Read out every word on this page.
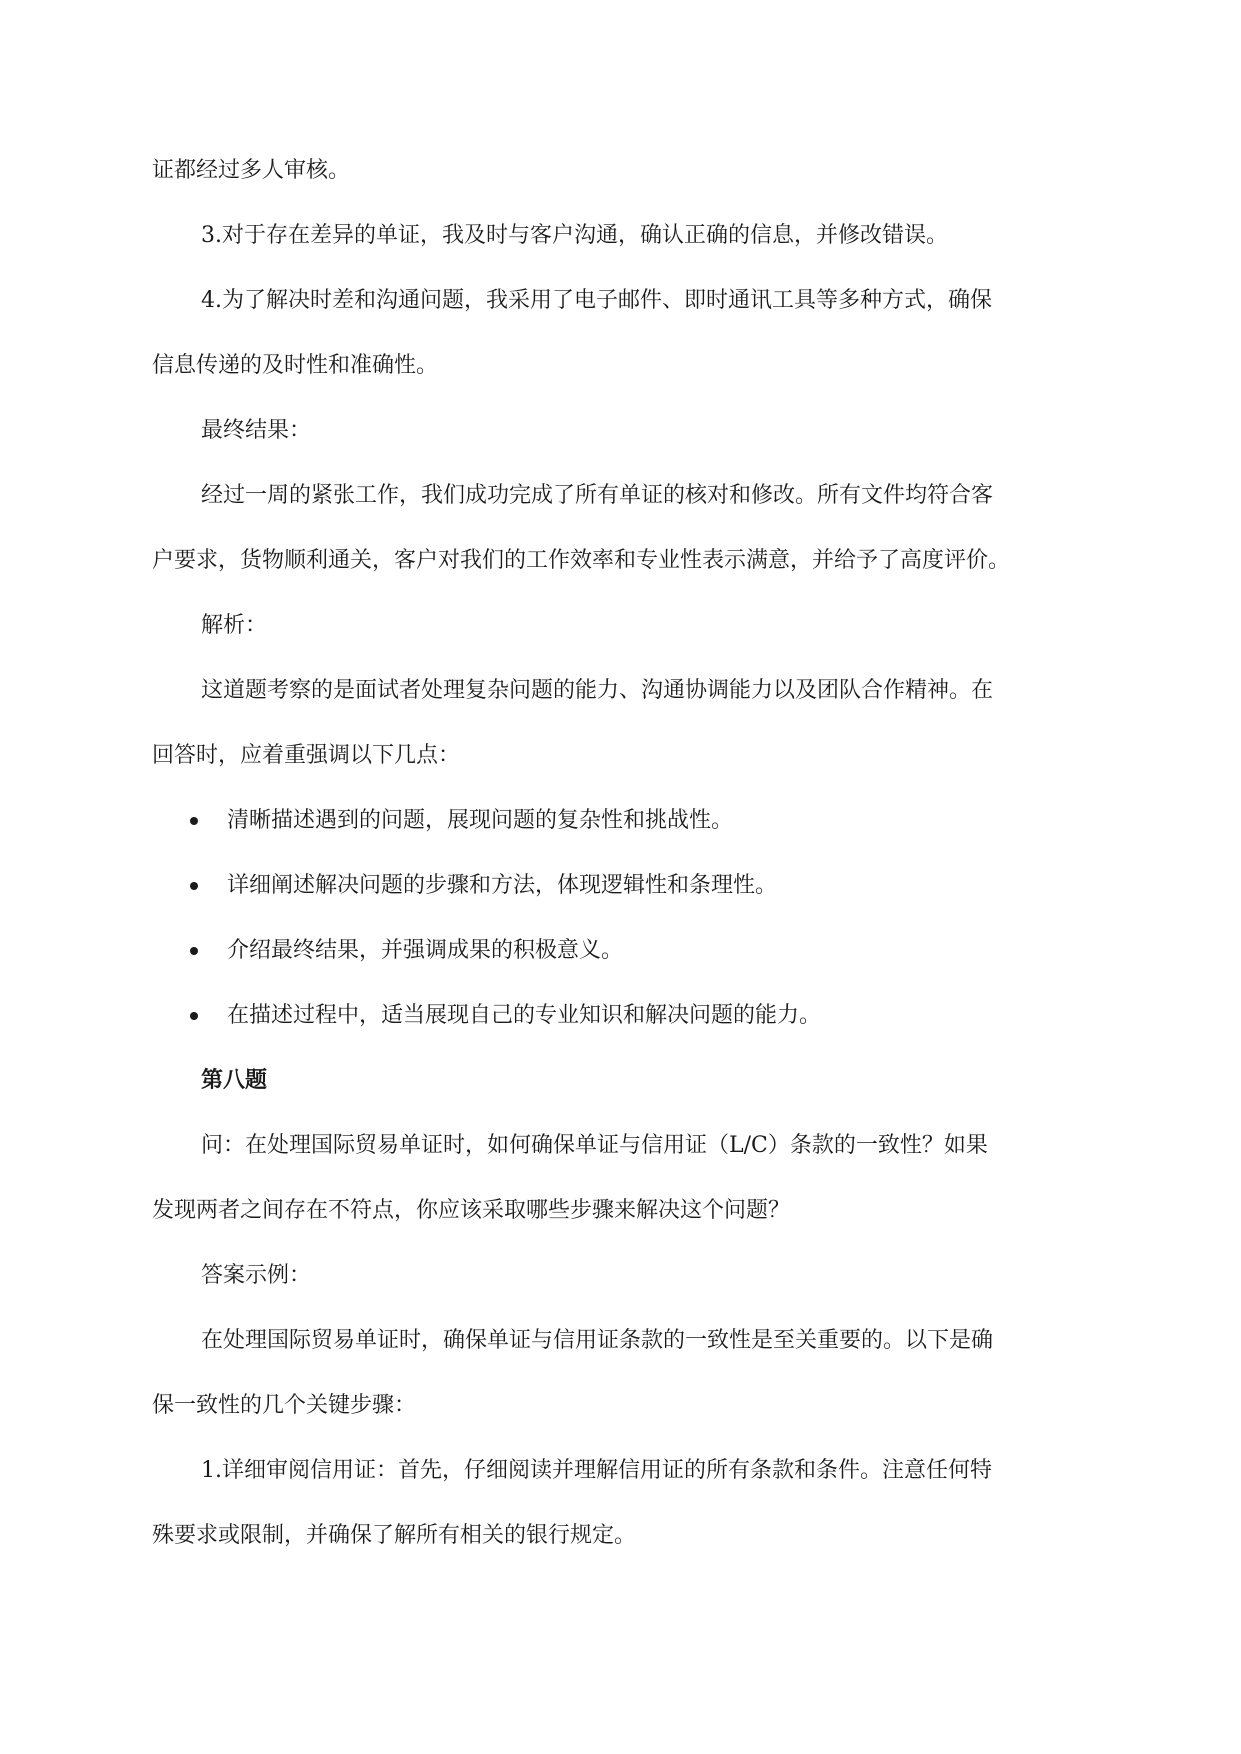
证都经过多人审核。
3.对于存在差异的单证，我及时与客户沟通，确认正确的信息，并修改错误。
4.为了解决时差和沟通问题，我采用了电子邮件、即时通讯工具等多种方式，确保
信息传递的及时性和准确性。
最终结果：
经过一周的紧张工作，我们成功完成了所有单证的核对和修改。所有文件均符合客
户要求，货物顺利通关，客户对我们的工作效率和专业性表示满意，并给予了高度评价。
解析：
这道题考察的是面试者处理复杂问题的能力、沟通协调能力以及团队合作精神。在
回答时，应着重强调以下几点：
清晰描述遇到的问题，展现问题的复杂性和挑战性。
详细阐述解决问题的步骤和方法，体现逻辑性和条理性。
介绍最终结果，并强调成果的积极意义。
在描述过程中，适当展现自己的专业知识和解决问题的能力。
第八题
问：在处理国际贸易单证时，如何确保单证与信用证（L/C）条款的一致性？如果
发现两者之间存在不符点，你应该采取哪些步骤来解决这个问题？
答案示例：
在处理国际贸易单证时，确保单证与信用证条款的一致性是至关重要的。以下是确
保一致性的几个关键步骤：
1.详细审阅信用证：首先，仔细阅读并理解信用证的所有条款和条件。注意任何特
殊要求或限制，并确保了解所有相关的银行规定。
